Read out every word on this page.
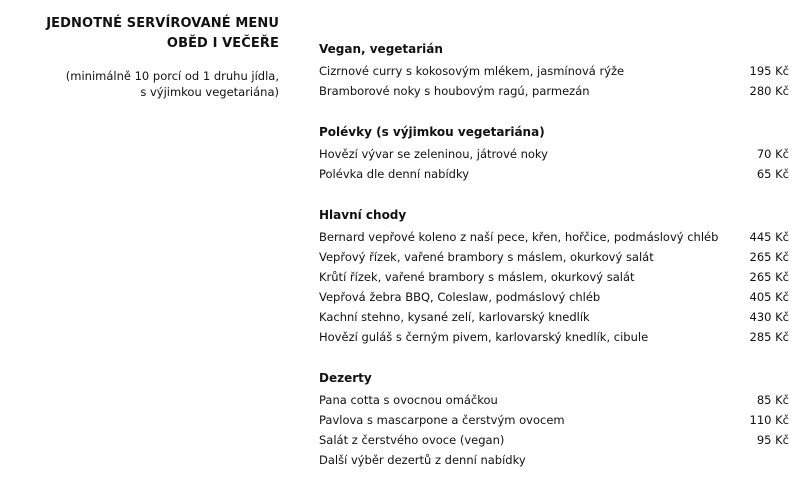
JEDNOTNÉ SERVÍROVANÉ MENU
OBĚD I VEČEŘE
(minimálně 10 porcí od 1 druhu jídla,
s výjimkou vegetariána)
Vegan, vegetarián
Cizrnové curry s kokosovým mlékem, jasmínová rýže	195 Kč
Bramborové noky s houbovým ragú, parmezán	280 Kč
Polévky (s výjimkou vegetariána)
Hovězí vývar se zeleninou, játrové noky	70 Kč
Polévka dle denní nabídky	65 Kč
Hlavní chody
Bernard vepřové koleno z naší pece, křen, hořčice, podmáslový chléb	445 Kč
Vepřový řízek, vařené brambory s máslem, okurkový salát	265 Kč
Krůtí řízek, vařené brambory s máslem, okurkový salát	265 Kč
Vepřová žebra BBQ, Coleslaw, podmáslový chléb	405 Kč
Kachní stehno, kysané zelí, karlovarský knedlík	430 Kč
Hovězí guláš s černým pivem, karlovarský knedlík, cibule	285 Kč
Dezerty
Pana cotta s ovocnou omáčkou	85 Kč
Pavlova s mascarpone a čerstvým ovocem	110 Kč
Salát z čerstvého ovoce (vegan)	95 Kč
Další výběr dezertů z denní nabídky
